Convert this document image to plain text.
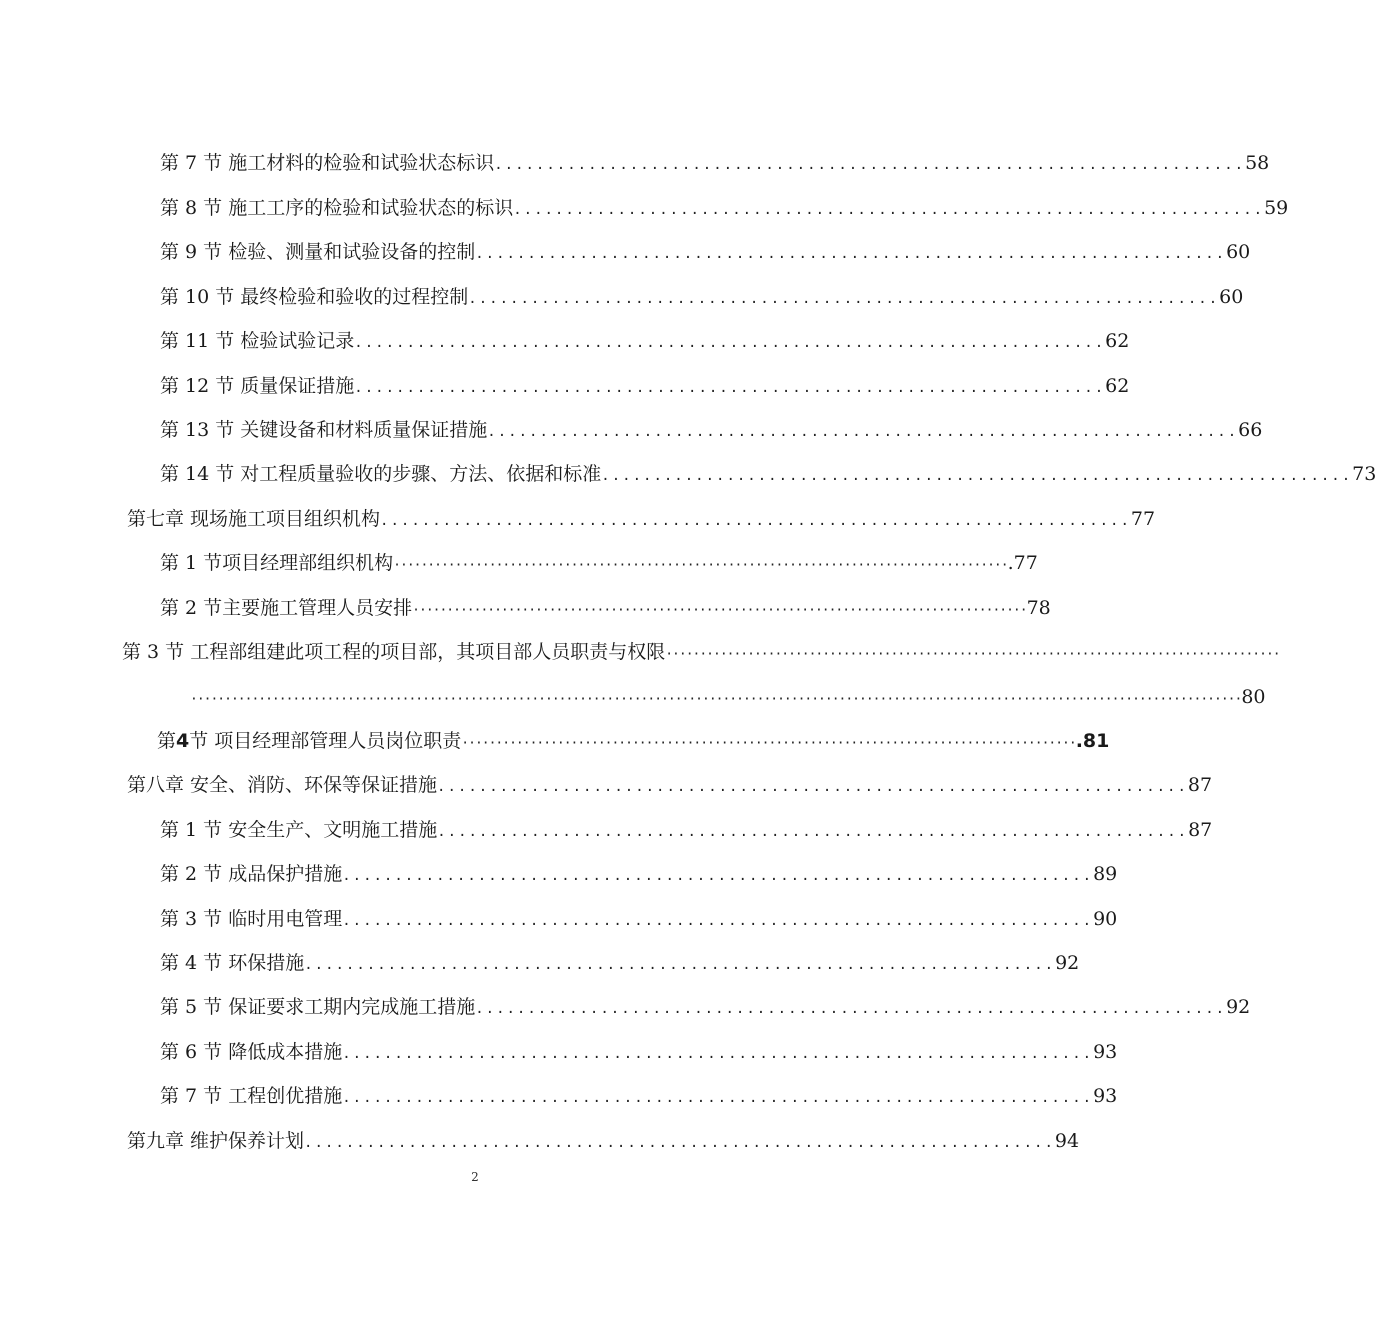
第 7 节 施工材料的检验和试验状态标识 ........................................................................ 58
第 8 节 施工工序的检验和试验状态的标识 ........................................................................ 59
第 9 节 检验、测量和试验设备的控制 ........................................................................ 60
第 10 节 最终检验和验收的过程控制 ........................................................................ 60
第 11 节 检验试验记录 ........................................................................ 62
第 12 节 质量保证措施 ........................................................................ 62
第 13 节 关键设备和材料质量保证措施 ........................................................................ 66
第 14 节 对工程质量验收的步骤、方法、依据和标准 ........................................................................ 73
第七章 现场施工项目组织机构 ........................................................................ 77
第 1 节项目经理部组织机构 ·························································································· .77
第 2 节主要施工管理人员安排 ·························································································· 78
第 3 节 工程部组建此项工程的项目部，其项目部人员职责与权限 ··························································································
·························································································································································· 80
第4节 项目经理部管理人员岗位职责 ·························································································· .81
第八章 安全、消防、环保等保证措施 ........................................................................ 87
第 1 节 安全生产、文明施工措施 ........................................................................ 87
第 2 节 成品保护措施 ........................................................................ 89
第 3 节 临时用电管理 ........................................................................ 90
第 4 节 环保措施 ........................................................................ 92
第 5 节 保证要求工期内完成施工措施 ........................................................................ 92
第 6 节 降低成本措施 ........................................................................ 93
第 7 节 工程创优措施 ........................................................................ 93
第九章 维护保养计划 ........................................................................ 94
2
